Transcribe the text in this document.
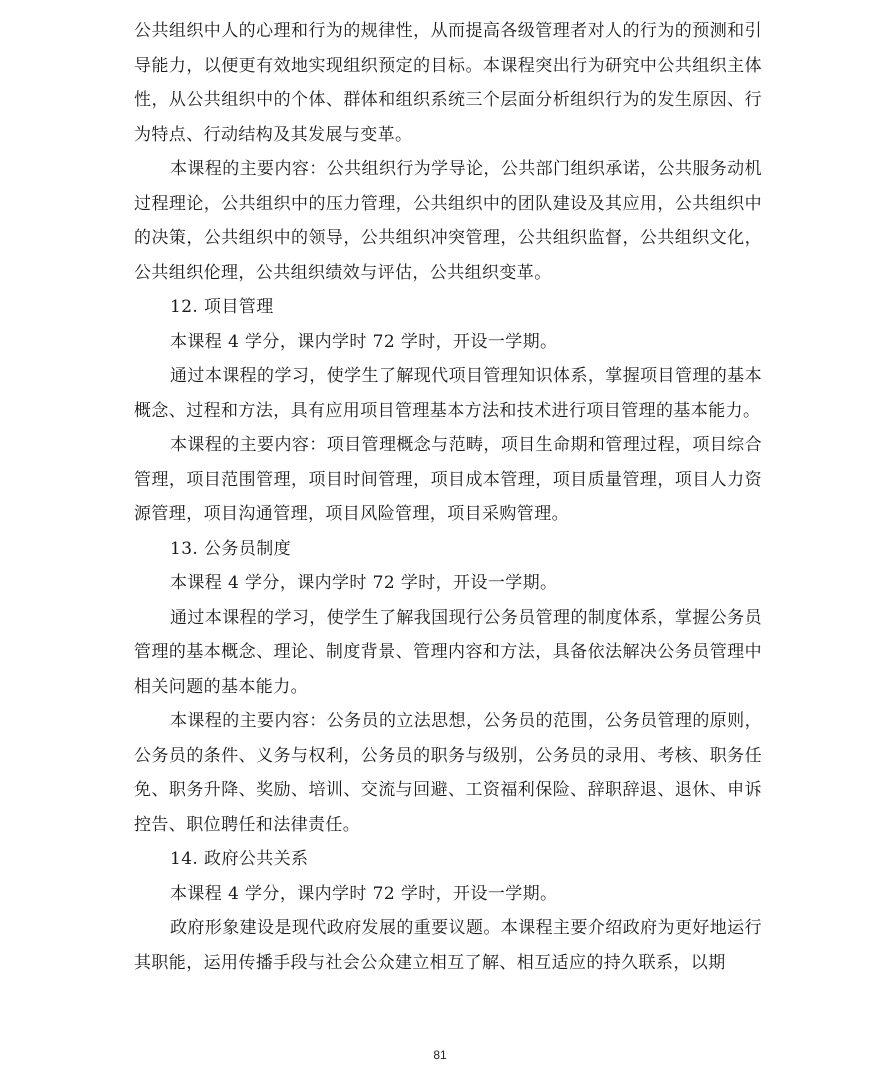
公共组织中人的心理和行为的规律性，从而提高各级管理者对人的行为的预测和引导能力，以便更有效地实现组织预定的目标。本课程突出行为研究中公共组织主体性，从公共组织中的个体、群体和组织系统三个层面分析组织行为的发生原因、行为特点、行动结构及其发展与变革。

本课程的主要内容：公共组织行为学导论，公共部门组织承诺，公共服务动机过程理论，公共组织中的压力管理，公共组织中的团队建设及其应用，公共组织中的决策，公共组织中的领导，公共组织冲突管理，公共组织监督，公共组织文化，公共组织伦理，公共组织绩效与评估，公共组织变革。

12. 项目管理

本课程 4 学分，课内学时 72 学时，开设一学期。

通过本课程的学习，使学生了解现代项目管理知识体系，掌握项目管理的基本概念、过程和方法，具有应用项目管理基本方法和技术进行项目管理的基本能力。

本课程的主要内容：项目管理概念与范畴，项目生命期和管理过程，项目综合管理，项目范围管理，项目时间管理，项目成本管理，项目质量管理，项目人力资源管理，项目沟通管理，项目风险管理，项目采购管理。

13. 公务员制度

本课程 4 学分，课内学时 72 学时，开设一学期。

通过本课程的学习，使学生了解我国现行公务员管理的制度体系，掌握公务员管理的基本概念、理论、制度背景、管理内容和方法，具备依法解决公务员管理中相关问题的基本能力。

本课程的主要内容：公务员的立法思想，公务员的范围，公务员管理的原则，公务员的条件、义务与权利，公务员的职务与级别，公务员的录用、考核、职务任免、职务升降、奖励、培训、交流与回避、工资福利保险、辞职辞退、退休、申诉控告、职位聘任和法律责任。

14. 政府公共关系

本课程 4 学分，课内学时 72 学时，开设一学期。

政府形象建设是现代政府发展的重要议题。本课程主要介绍政府为更好地运行其职能，运用传播手段与社会公众建立相互了解、相互适应的持久联系，以期

81
